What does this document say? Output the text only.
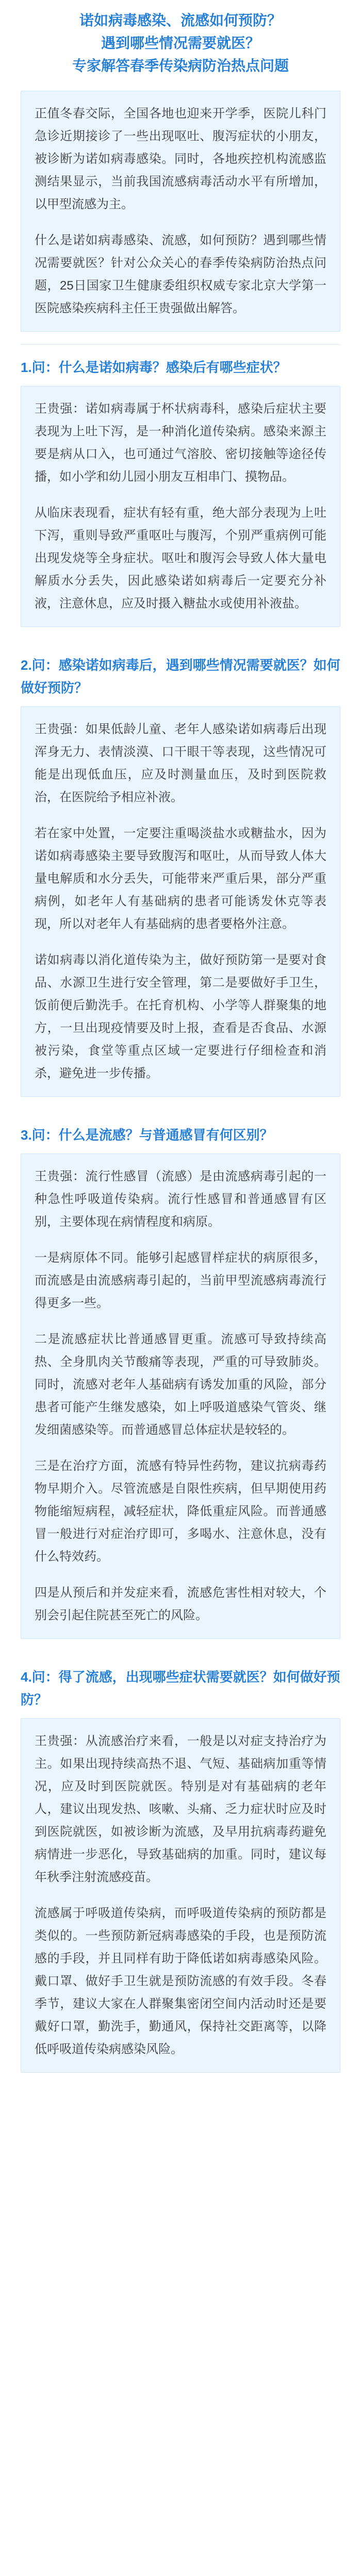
诺如病毒感染、流感如何预防？
遇到哪些情况需要就医？
专家解答春季传染病防治热点问题

正值冬春交际，全国各地也迎来开学季，医院儿科门急诊近期接诊了一些出现呕吐、腹泻症状的小朋友，被诊断为诺如病毒感染。同时，各地疾控机构流感监测结果显示，当前我国流感病毒活动水平有所增加，以甲型流感为主。

什么是诺如病毒感染、流感，如何预防？遇到哪些情况需要就医？针对公众关心的春季传染病防治热点问题，25日国家卫生健康委组织权威专家北京大学第一医院感染疾病科主任王贵强做出解答。

1.问：什么是诺如病毒？感染后有哪些症状？

王贵强：诺如病毒属于杯状病毒科，感染后症状主要表现为上吐下泻，是一种消化道传染病。感染来源主要是病从口入，也可通过气溶胶、密切接触等途径传播，如小学和幼儿园小朋友互相串门、摸物品。

从临床表现看，症状有轻有重，绝大部分表现为上吐下泻，重则导致严重呕吐与腹泻，个别严重病例可能出现发烧等全身症状。呕吐和腹泻会导致人体大量电解质水分丢失，因此感染诺如病毒后一定要充分补液，注意休息，应及时摄入糖盐水或使用补液盐。

2.问：感染诺如病毒后，遇到哪些情况需要就医？如何做好预防？

王贵强：如果低龄儿童、老年人感染诺如病毒后出现浑身无力、表情淡漠、口干眼干等表现，这些情况可能是出现低血压，应及时测量血压，及时到医院救治，在医院给予相应补液。

若在家中处置，一定要注重喝淡盐水或糖盐水，因为诺如病毒感染主要导致腹泻和呕吐，从而导致人体大量电解质和水分丢失，可能带来严重后果，部分严重病例，如老年人有基础病的患者可能诱发休克等表现，所以对老年人有基础病的患者要格外注意。

诺如病毒以消化道传染为主，做好预防第一是要对食品、水源卫生进行安全管理，第二是要做好手卫生，饭前便后勤洗手。在托育机构、小学等人群聚集的地方，一旦出现疫情要及时上报，查看是否食品、水源被污染，食堂等重点区域一定要进行仔细检查和消杀，避免进一步传播。

3.问：什么是流感？与普通感冒有何区别？

王贵强：流行性感冒（流感）是由流感病毒引起的一种急性呼吸道传染病。流行性感冒和普通感冒有区别，主要体现在病情程度和病原。

一是病原体不同。能够引起感冒样症状的病原很多，而流感是由流感病毒引起的，当前甲型流感病毒流行得更多一些。

二是流感症状比普通感冒更重。流感可导致持续高热、全身肌肉关节酸痛等表现，严重的可导致肺炎。同时，流感对老年人基础病有诱发加重的风险，部分患者可能产生继发感染，如上呼吸道感染气管炎、继发细菌感染等。而普通感冒总体症状是较轻的。

三是在治疗方面，流感有特异性药物，建议抗病毒药物早期介入。尽管流感是自限性疾病，但早期使用药物能缩短病程，减轻症状，降低重症风险。而普通感冒一般进行对症治疗即可，多喝水、注意休息，没有什么特效药。

四是从预后和并发症来看，流感危害性相对较大，个别会引起住院甚至死亡的风险。

4.问：得了流感，出现哪些症状需要就医？如何做好预防？

王贵强：从流感治疗来看，一般是以对症支持治疗为主。如果出现持续高热不退、气短、基础病加重等情况，应及时到医院就医。特别是对有基础病的老年人，建议出现发热、咳嗽、头痛、乏力症状时应及时到医院就医，如被诊断为流感，及早用抗病毒药避免病情进一步恶化，导致基础病的加重。同时，建议每年秋季注射流感疫苗。

流感属于呼吸道传染病，而呼吸道传染病的预防都是类似的。一些预防新冠病毒感染的手段，也是预防流感的手段，并且同样有助于降低诺如病毒感染风险。戴口罩、做好手卫生就是预防流感的有效手段。冬春季节，建议大家在人群聚集密闭空间内活动时还是要戴好口罩，勤洗手，勤通风，保持社交距离等，以降低呼吸道传染病感染风险。
